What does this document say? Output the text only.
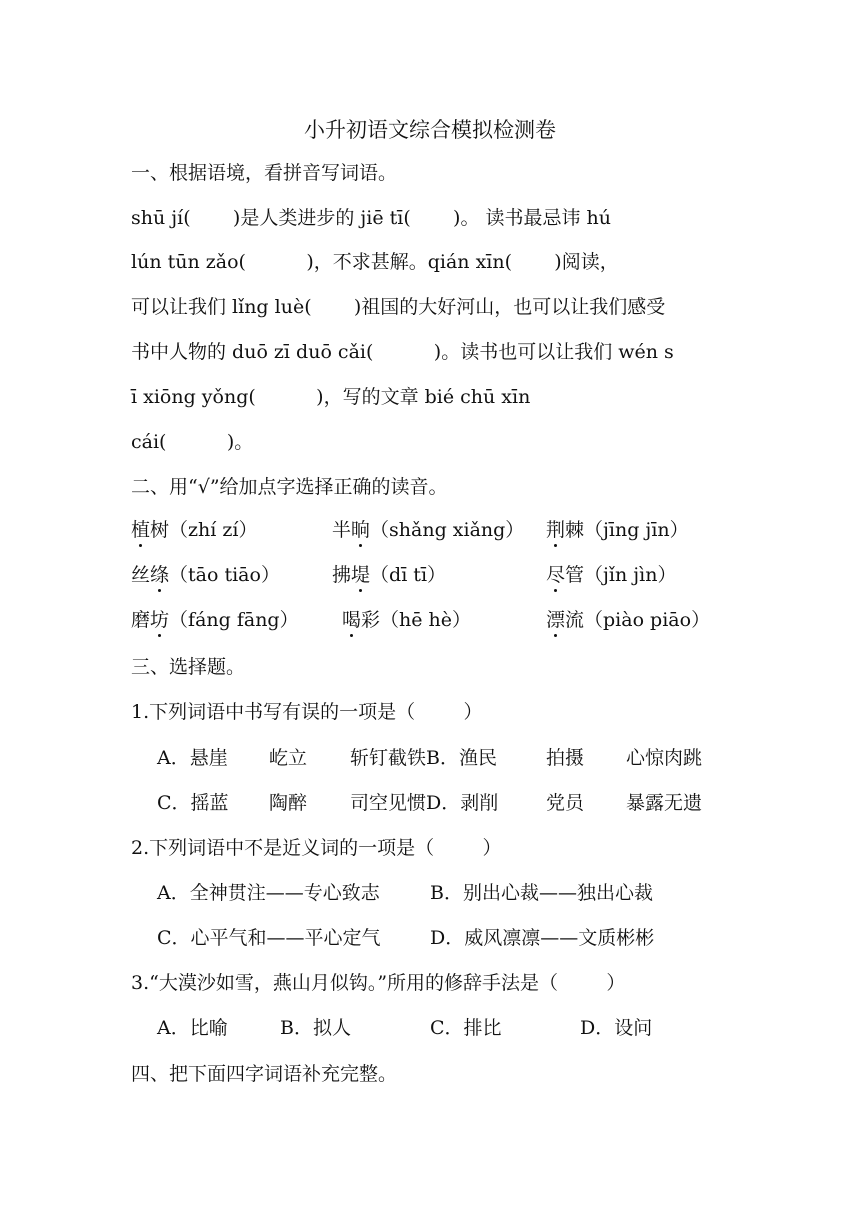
小升初语文综合模拟检测卷
一、根据语境，看拼音写词语。
shū jí(       )是人类进步的 jiē tī(       )。 读书最忌讳 hú
lún tūn zǎo(          )，不求甚解。qián xīn(       )阅读，
可以让我们 lǐng luè(       )祖国的大好河山，也可以让我们感受
书中人物的 duō zī duō cǎi(          )。读书也可以让我们 wén s
ī xiōng yǒng(          )，写的文章 bié chū xīn
cái(          )。
二、用“√”给加点字选择正确的读音。
植树（zhí zí）	半晌（shǎng xiǎng） 荆棘（jīng jīn）
丝绦（tāo tiāo）	拂堤（dī tī）	尽管（jǐn jìn）
磨坊（fáng fāng） 喝彩（hē hè）	漂流（piào piāo）
三、选择题。
1.下列词语中书写有误的一项是（        ）
A．悬崖 屹立 斩钉截铁B．渔民	拍摄 心惊肉跳
C．摇蓝 陶醉 司空见惯D．剥削	党员 暴露无遗
2.下列词语中不是近义词的一项是（        ）
A．全神贯注——专心致志	B．别出心裁——独出心裁
C．心平气和——平心定气	D．威风凛凛——文质彬彬
3.“大漠沙如雪，燕山月似钩。”所用的修辞手法是（        ）
A．比喻	B．拟人	C．排比	D．设问
四、把下面四字词语补充完整。
